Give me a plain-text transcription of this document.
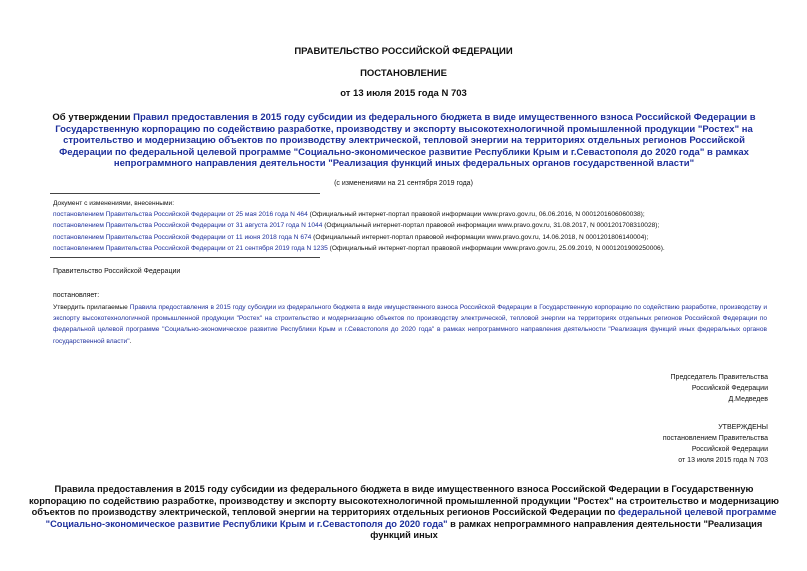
ПРАВИТЕЛЬСТВО РОССИЙСКОЙ ФЕДЕРАЦИИ
ПОСТАНОВЛЕНИЕ
от 13 июля 2015 года N 703
Об утверждении Правил предоставления в 2015 году субсидии из федерального бюджета в виде имущественного взноса Российской Федерации в Государственную корпорацию по содействию разработке, производству и экспорту высокотехнологичной промышленной продукции "Ростех" на строительство и модернизацию объектов по производству электрической, тепловой энергии на территориях отдельных регионов Российской Федерации по федеральной целевой программе "Социально-экономическое развитие Республики Крым и г.Севастополя до 2020 года" в рамках непрограммного направления деятельности "Реализация функций иных федеральных органов государственной власти"
(с изменениями на 21 сентября 2019 года)
Документ с изменениями, внесенными:
постановлением Правительства Российской Федерации от 25 мая 2016 года N 464 (Официальный интернет-портал правовой информации www.pravo.gov.ru, 06.06.2016, N 0001201606060038);
постановлением Правительства Российской Федерации от 31 августа 2017 года N 1044 (Официальный интернет-портал правовой информации www.pravo.gov.ru, 31.08.2017, N 0001201708310028);
постановлением Правительства Российской Федерации от 11 июня 2018 года N 674 (Официальный интернет-портал правовой информации www.pravo.gov.ru, 14.06.2018, N 0001201806140004);
постановлением Правительства Российской Федерации от 21 сентября 2019 года N 1235 (Официальный интернет-портал правовой информации www.pravo.gov.ru, 25.09.2019, N 0001201909250006).
Правительство Российской Федерации
постановляет:
Утвердить прилагаемые Правила предоставления в 2015 году субсидии из федерального бюджета в виде имущественного взноса Российской Федерации в Государственную корпорацию по содействию разработке, производству и экспорту высокотехнологичной промышленной продукции "Ростех" на строительство и модернизацию объектов по производству электрической, тепловой энергии на территориях отдельных регионов Российской Федерации по федеральной целевой программе "Социально-экономическое развитие Республики Крым и г.Севастополя до 2020 года" в рамках непрограммного направления деятельности "Реализация функций иных федеральных органов государственной власти".
Председатель Правительства
Российской Федерации
Д.Медведев
УТВЕРЖДЕНЫ
постановлением Правительства
Российской Федерации
от 13 июля 2015 года N 703
Правила предоставления в 2015 году субсидии из федерального бюджета в виде имущественного взноса Российской Федерации в Государственную корпорацию по содействию разработке, производству и экспорту высокотехнологичной промышленной продукции "Ростех" на строительство и модернизацию объектов по производству электрической, тепловой энергии на территориях отдельных регионов Российской Федерации по федеральной целевой программе "Социально-экономическое развитие Республики Крым и г.Севастополя до 2020 года" в рамках непрограммного направления деятельности "Реализация функций иных
